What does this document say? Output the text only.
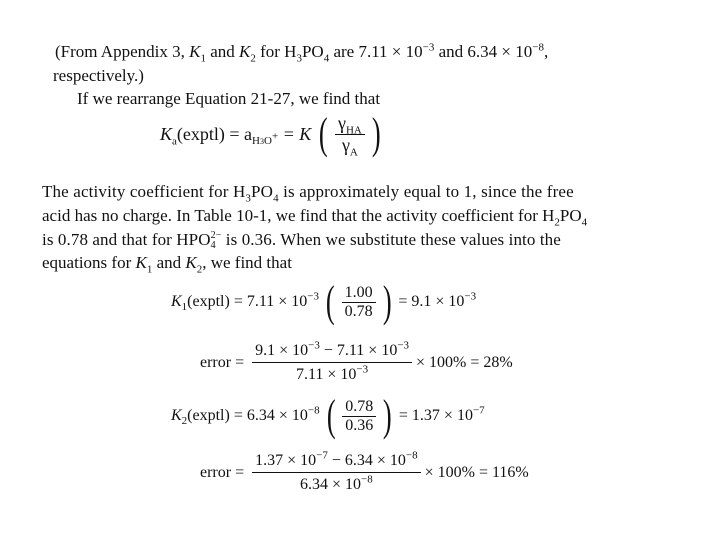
(From Appendix 3, $K_1$ and $K_2$ for $H_3PO_4$ are $7.11 \times 10^{-3}$ and $6.34 \times 10^{-8}$,
respectively.)
If we rearrange Equation 21-27, we find that
$K_a(exptl) = a_{H3O^+} = K$ ( $\frac{\gamma_{HA}}{\gamma_A}$ )
The activity coefficient for $H_3PO_4$ is approximately equal to 1, since the free
acid has no charge. In Table 10-1, we find that the activity coefficient for $H_2PO_4$
is 0.78 and that for HPO 2−
4 is 0.36. When we substitute these values into the
equations for $K_1$ and $K_2$, we find that
$K_1(exptl) = 7.11 \times 10^{-3}$ ( $\frac{1.00}{0.78}$ ) = $9.1 \times 10^{-3}$
error = $\frac{9.1 \times 10^{-3} - 7.11 \times 10^{-3}}{7.11 \times 10^{-3}} \times 100\% = 28\%$
$K_2(exptl) = 6.34 \times 10^{-8}$ ( $\frac{0.78}{0.36}$ ) = $1.37 \times 10^{-7}$
error = $\frac{1.37 \times 10^{-7} - 6.34 \times 10^{-8}}{6.34 \times 10^{-8}} \times 100\% = 116\%$
